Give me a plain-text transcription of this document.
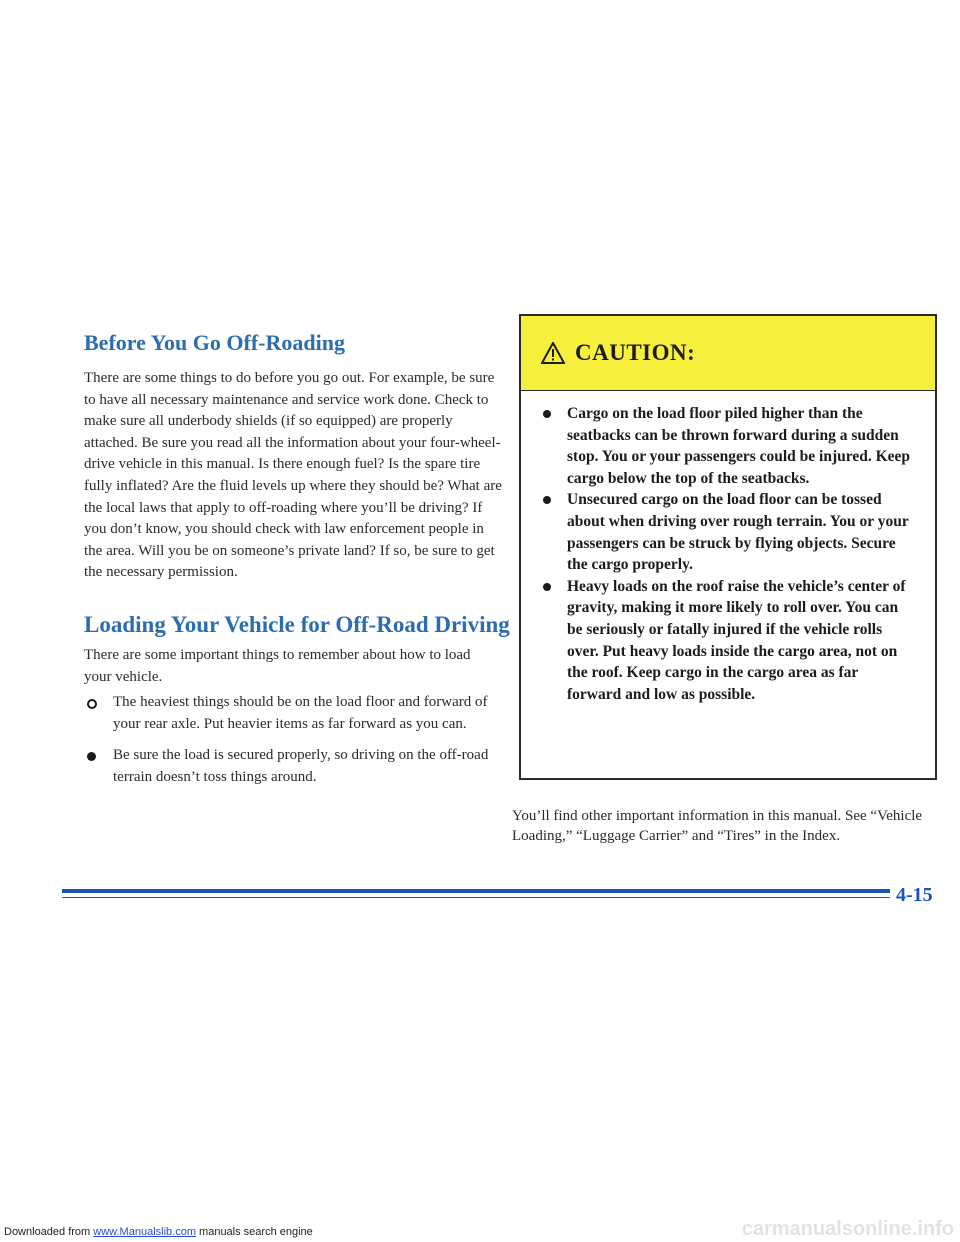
Before You Go Off-Roading

There are some things to do before you go out. For example, be sure to have all necessary maintenance and service work done. Check to make sure all underbody shields (if so equipped) are properly attached. Be sure you read all the information about your four-wheel-drive vehicle in this manual. Is there enough fuel? Is the spare tire fully inflated? Are the fluid levels up where they should be? What are the local laws that apply to off-roading where you’ll be driving? If you don’t know, you should check with law enforcement people in the area. Will you be on someone’s private land? If so, be sure to get the necessary permission.

Loading Your Vehicle for Off-Road Driving

There are some important things to remember about how to load your vehicle.

The heaviest things should be on the load floor and forward of your rear axle. Put heavier items as far forward as you can.
Be sure the load is secured properly, so driving on the off-road terrain doesn’t toss things around.
CAUTION:
Cargo on the load floor piled higher than the seatbacks can be thrown forward during a sudden stop. You or your passengers could be injured. Keep cargo below the top of the seatbacks.
Unsecured cargo on the load floor can be tossed about when driving over rough terrain. You or your passengers can be struck by flying objects. Secure the cargo properly.
Heavy loads on the roof raise the vehicle’s center of gravity, making it more likely to roll over. You can be seriously or fatally injured if the vehicle rolls over. Put heavy loads inside the cargo area, not on the roof. Keep cargo in the cargo area as far forward and low as possible.

You’ll find other important information in this manual. See “Vehicle Loading,” “Luggage Carrier” and “Tires” in the Index.

4-15
Downloaded from www.Manualslib.com manuals search engine	carmanualsonline.info
